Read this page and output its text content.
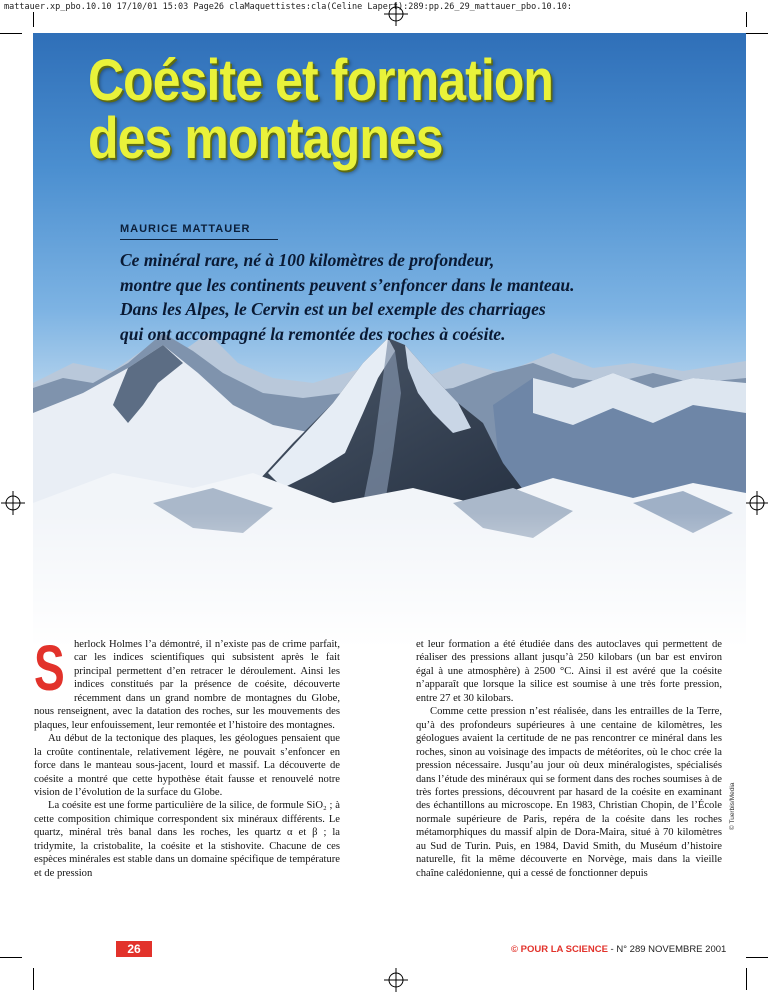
mattauer.xp_pbo.10.10 17/10/01 15:03 Page26 claMaquettistes:cla(Celine Lapert):289:pp.26_29_mattauer_pbo.10.10:
Coésite et formation
des montagnes
MAURICE MATTAUER
Ce minéral rare, né à 100 kilomètres de profondeur,
montre que les continents peuvent s’enfoncer dans le manteau.
Dans les Alpes, le Cervin est un bel exemple des charriages
qui ont accompagné la remontée des roches à coésite.

S herlock Holmes l’a démontré, il n’existe pas de crime parfait, car les indices scientifiques qui subsistent après le fait principal permettent d’en retracer le déroulement. Ainsi les indices constitués par la présence de coésite, découverte récemment dans un grand nombre de montagnes du Globe, nous renseignent, avec la datation des roches, sur les mouvements des plaques, leur enfouissement, leur remontée et l’histoire des montagnes.

Au début de la tectonique des plaques, les géologues pensaient que la croûte continentale, relativement légère, ne pouvait s’enfoncer en force dans le manteau sous-jacent, lourd et massif. La découverte de coésite a montré que cette hypothèse était fausse et renouvelé notre vision de l’évolution de la surface du Globe.

La coésite est une forme particulière de la silice, de formule SiO₂ ; à cette composition chimique correspondent six minéraux différents. Le quartz, minéral très banal dans les roches, les quartz α et β ; la tridymite, la cristobalite, la coésite et la stishovite. Chacune de ces espèces minérales est stable dans un domaine spécifique de température et de pression

et leur formation a été étudiée dans des autoclaves qui permettent de réaliser des pressions allant jusqu’à 250 kilobars (un bar est environ égal à une atmosphère) à 2500 °C. Ainsi il est avéré que la coésite n’apparaît que lorsque la silice est soumise à une très forte pression, entre 27 et 30 kilobars.

Comme cette pression n’est réalisée, dans les entrailles de la Terre, qu’à des profondeurs supérieures à une centaine de kilomètres, les géologues avaient la certitude de ne pas rencontrer ce minéral dans les roches, sinon au voisinage des impacts de météorites, où le choc crée la pression nécessaire. Jusqu’au jour où deux minéralogistes, spécialisés dans l’étude des minéraux qui se forment dans des roches soumises à de très fortes pressions, découvrent par hasard de la coésite en examinant des échantillons au microscope. En 1983, Christian Chopin, de l’École normale supérieure de Paris, repéra de la coésite dans les roches métamorphiques du massif alpin de Dora-Maira, situé à 70 kilomètres au Sud de Turin. Puis, en 1984, David Smith, du Muséum d’histoire naturelle, fit la même découverte en Norvège, mais dans la vieille chaîne calédonienne, qui a cessé de fonctionner depuis

© Tuerbis/Media
26	© POUR LA SCIENCE - N° 289 NOVEMBRE 2001
